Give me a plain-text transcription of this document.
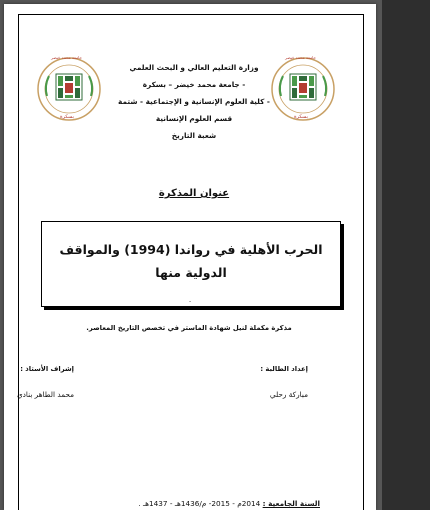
جامعة محمد خيضر
بسكرة
جامعة محمد خيضر
بسكرة
وزارة التعليم العالي و البحث العلمي
جامعة محمد خيضر – بسكرة -
كلية العلوم الإنسانية و الإجتماعية - شتمة -
قسم العلوم الإنسانية
شعبة التاريخ
عنوان المذكرة
الحرب الأهلية في رواندا (1994) والمواقف الدولية منها
-
مذكرة مكملة لنيل شهادة الماستر في تخصص التاريخ المعاصر.
إعداد الطالبة :
إشراف الأستاذ :
مباركة رحلي
محمد الطاهر بنادي
السنة الجامعية : 2014م - 2015- م/1436هـ - 1437هـ .
